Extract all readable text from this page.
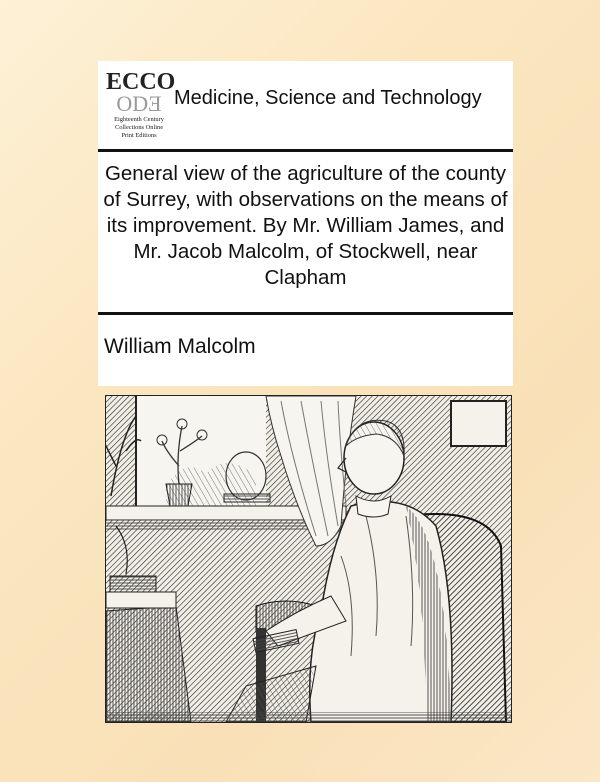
ECCO
ODƎ
Eighteenth Century
Collections Online
Print Editions
Medicine, Science and Technology
General view of the agriculture of the county of Surrey, with observations on the means of its improvement. By Mr. William James, and Mr. Jacob Malcolm, of Stockwell, near Clapham
William Malcolm
